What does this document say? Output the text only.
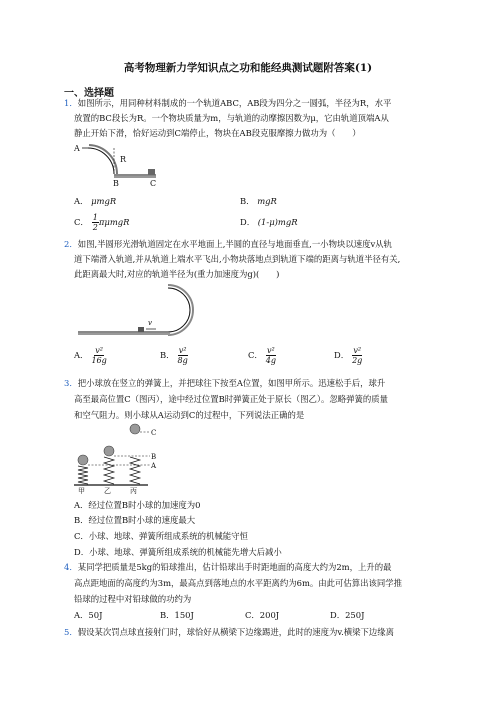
高考物理新力学知识点之功和能经典测试题附答案(1)
一、选择题
1．如图所示，用同种材料制成的一个轨道ABC，AB段为四分之一圆弧，半径为R，水平
放置的BC段长为R。一个物块质量为m，与轨道的动摩擦因数为μ，它由轨道顶端A从
静止开始下滑，恰好运动到C端停止，物块在AB段克服摩擦力做功为（　　）
A
R
B	C
A． μmgR	B． mgR
C． $\frac{1}{2}$ πμmgR	D． (1-μ)mgR
2．如图,半圆形光滑轨道固定在水平地面上,半圆的直径与地面垂直,一小物块以速度v从轨
道下端滑入轨道,并从轨道上端水平飞出,小物块落地点到轨道下端的距离与轨道半径有关,
此距离最大时,对应的轨道半径为(重力加速度为g)(　　)
v
A． $\frac{\text{v²}}{16g}$	B． $\frac{\text{v²}}{8g}$	C． $\frac{\text{v²}}{4g}$	D． $\frac{\text{v²}}{2g}$
3．把小球放在竖立的弹簧上，并把球往下按至A位置，如图甲所示。迅速松手后，球升
高至最高位置C（图丙），途中经过位置B时弹簧正处于原长（图乙）。忽略弹簧的质量
和空气阻力。则小球从A运动到C的过程中，下列说法正确的是
C
B
A
甲	乙	丙
A．经过位置B时小球的加速度为0
B．经过位置B时小球的速度最大
C．小球、地球、弹簧所组成系统的机械能守恒
D．小球、地球、弹簧所组成系统的机械能先增大后减小
4．某同学把质量是5kg的铅球推出，估计铅球出手时距地面的高度大约为2m，上升的最
高点距地面的高度约为3m，最高点到落地点的水平距离约为6m。由此可估算出该同学推
铅球的过程中对铅球做的功约为
A．50J	B．150J	C．200J	D．250J
5．假设某次罚点球直接射门时，球恰好从横梁下边缘踢进，此时的速度为v.横梁下边缘离
